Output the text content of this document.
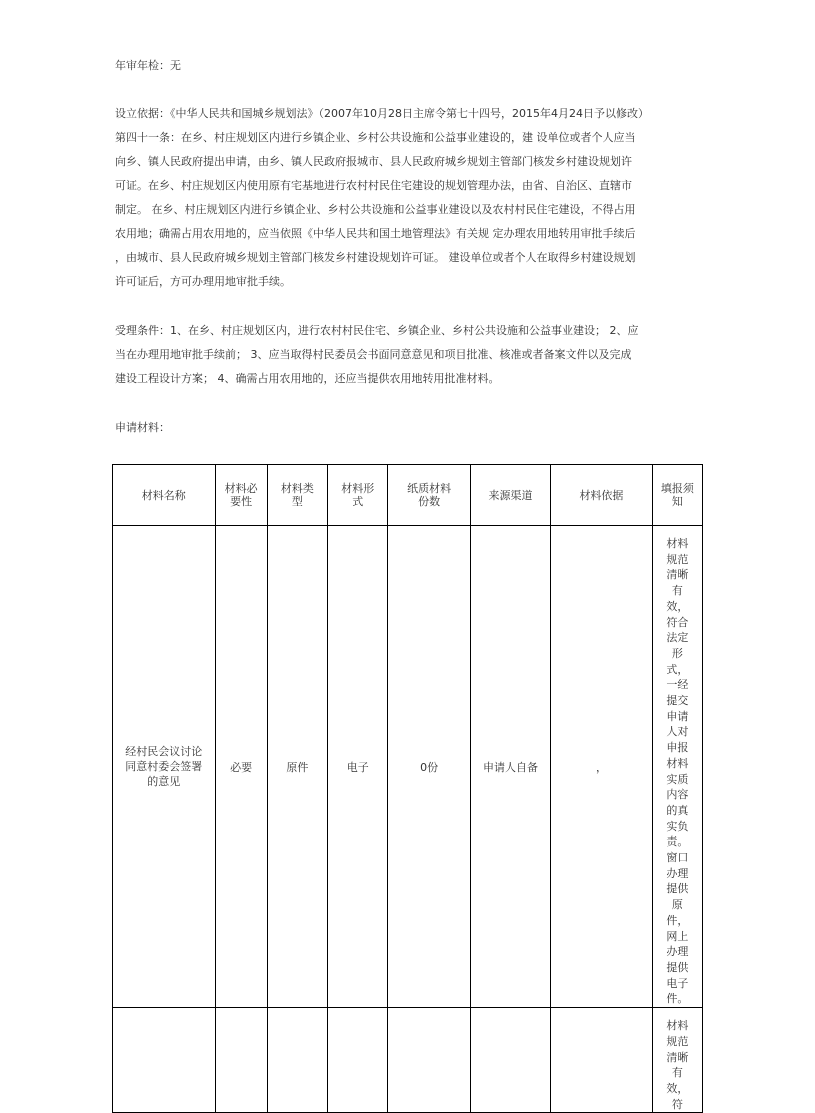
年审年检：无
设立依据：《中华人民共和国城乡规划法》（2007年10月28日主席令第七十四号，2015年4月24日予以修改）
第四十一条：在乡、村庄规划区内进行乡镇企业、乡村公共设施和公益事业建设的，建 设单位或者个人应当
向乡、镇人民政府提出申请，由乡、镇人民政府报城市、县人民政府城乡规划主管部门核发乡村建设规划许
可证。在乡、村庄规划区内使用原有宅基地进行农村村民住宅建设的规划管理办法，由省、自治区、直辖市
制定。 在乡、村庄规划区内进行乡镇企业、乡村公共设施和公益事业建设以及农村村民住宅建设，不得占用
农用地；确需占用农用地的，应当依照《中华人民共和国土地管理法》有关规 定办理农用地转用审批手续后
，由城市、县人民政府城乡规划主管部门核发乡村建设规划许可证。 建设单位或者个人在取得乡村建设规划
许可证后，方可办理用地审批手续。
受理条件：1、在乡、村庄规划区内，进行农村村民住宅、乡镇企业、乡村公共设施和公益事业建设； 2、应
当在办理用地审批手续前； 3、应当取得村民委员会书面同意意见和项目批准、核准或者备案文件以及完成
建设工程设计方案； 4、确需占用农用地的，还应当提供农用地转用批准材料。
申请材料：
材料名称	材料必要性	材料类型	材料形式	纸质材料份数	来源渠道	材料依据	填报须知
经村民会议讨论同意村委会签署的意见	必要	原件	电子	0份	申请人自备	，	材料规范清晰有效，符合法定形式，一经提交申请人对申报材料实质内容的真实负责。窗口办理提供原件，网上办理提供电子件。
							材料规范清晰有效，符
